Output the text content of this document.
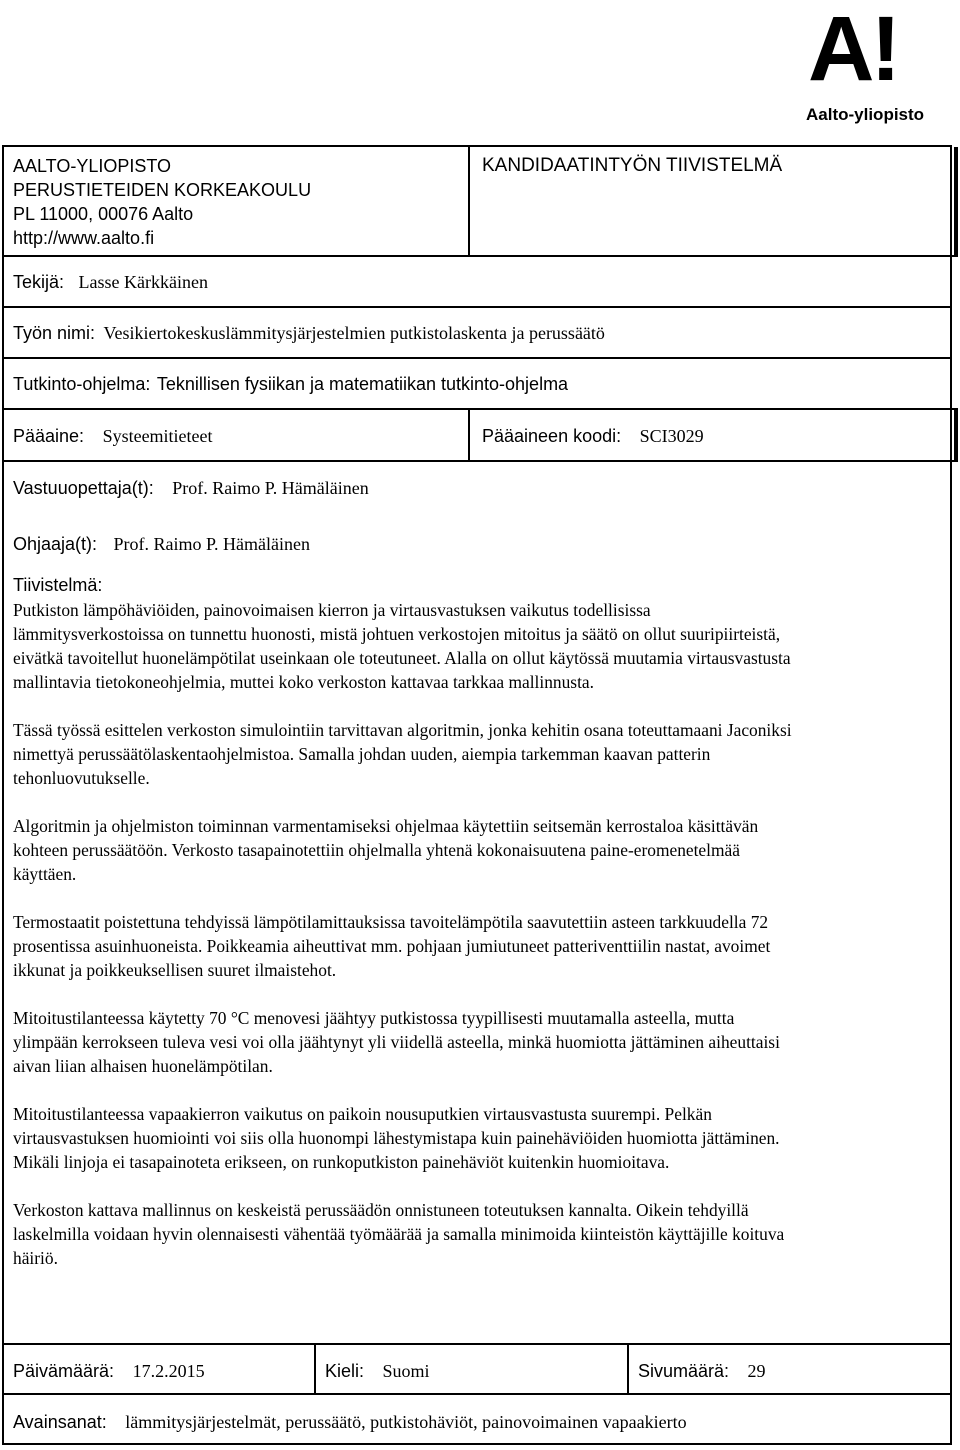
A!
Aalto-yliopisto
AALTO-YLIOPISTO
PERUSTIETEIDEN KORKEAKOULU
PL 11000, 00076 Aalto
http://www.aalto.fi
KANDIDAATINTYÖN TIIVISTELMÄ
Tekijä: Lasse Kärkkäinen
Työn nimi: Vesikiertokeskuslämmitysjärjestelmien putkistolaskenta ja perussäätö
Tutkinto-ohjelma: Teknillisen fysiikan ja matematiikan tutkinto-ohjelma
Pääaine: Systeemitieteet	Pääaineen koodi: SCI3029
Vastuuopettaja(t): Prof. Raimo P. Hämäläinen
Ohjaaja(t): Prof. Raimo P. Hämäläinen
Tiivistelmä:

Putkiston lämpöhäviöiden, painovoimaisen kierron ja virtausvastuksen vaikutus todellisissa
lämmitysverkostoissa on tunnettu huonosti, mistä johtuen verkostojen mitoitus ja säätö on ollut suuripiirteistä,
eivätkä tavoitellut huonelämpötilat useinkaan ole toteutuneet. Alalla on ollut käytössä muutamia virtausvastusta
mallintavia tietokoneohjelmia, muttei koko verkoston kattavaa tarkkaa mallinnusta.

Tässä työssä esittelen verkoston simulointiin tarvittavan algoritmin, jonka kehitin osana toteuttamaani Jaconiksi
nimettyä perussäätölaskentaohjelmistoa. Samalla johdan uuden, aiempia tarkemman kaavan patterin
tehonluovutukselle.

Algoritmin ja ohjelmiston toiminnan varmentamiseksi ohjelmaa käytettiin seitsemän kerrostaloa käsittävän
kohteen perussäätöön. Verkosto tasapainotettiin ohjelmalla yhtenä kokonaisuutena paine-eromenetelmää
käyttäen.

Termostaatit poistettuna tehdyissä lämpötilamittauksissa tavoitelämpötila saavutettiin asteen tarkkuudella 72
prosentissa asuinhuoneista. Poikkeamia aiheuttivat mm. pohjaan jumiutuneet patteriventtiilin nastat, avoimet
ikkunat ja poikkeuksellisen suuret ilmaistehot.

Mitoitustilanteessa käytetty 70 °C menovesi jäähtyy putkistossa tyypillisesti muutamalla asteella, mutta
ylimpään kerrokseen tuleva vesi voi olla jäähtynyt yli viidellä asteella, minkä huomiotta jättäminen aiheuttaisi
aivan liian alhaisen huonelämpötilan.

Mitoitustilanteessa vapaakierron vaikutus on paikoin nousuputkien virtausvastusta suurempi. Pelkän
virtausvastuksen huomiointi voi siis olla huonompi lähestymistapa kuin painehäviöiden huomiotta jättäminen.
Mikäli linjoja ei tasapainoteta erikseen, on runkoputkiston painehäviöt kuitenkin huomioitava.

Verkoston kattava mallinnus on keskeistä perussäädön onnistuneen toteutuksen kannalta. Oikein tehdyillä
laskelmilla voidaan hyvin olennaisesti vähentää työmäärää ja samalla minimoida kiinteistön käyttäjille koituva
häiriö.

Päivämäärä: 17.2.2015	Kieli: Suomi	Sivumäärä: 29
Avainsanat: lämmitysjärjestelmät, perussäätö, putkistohäviöt, painovoimainen vapaakierto
